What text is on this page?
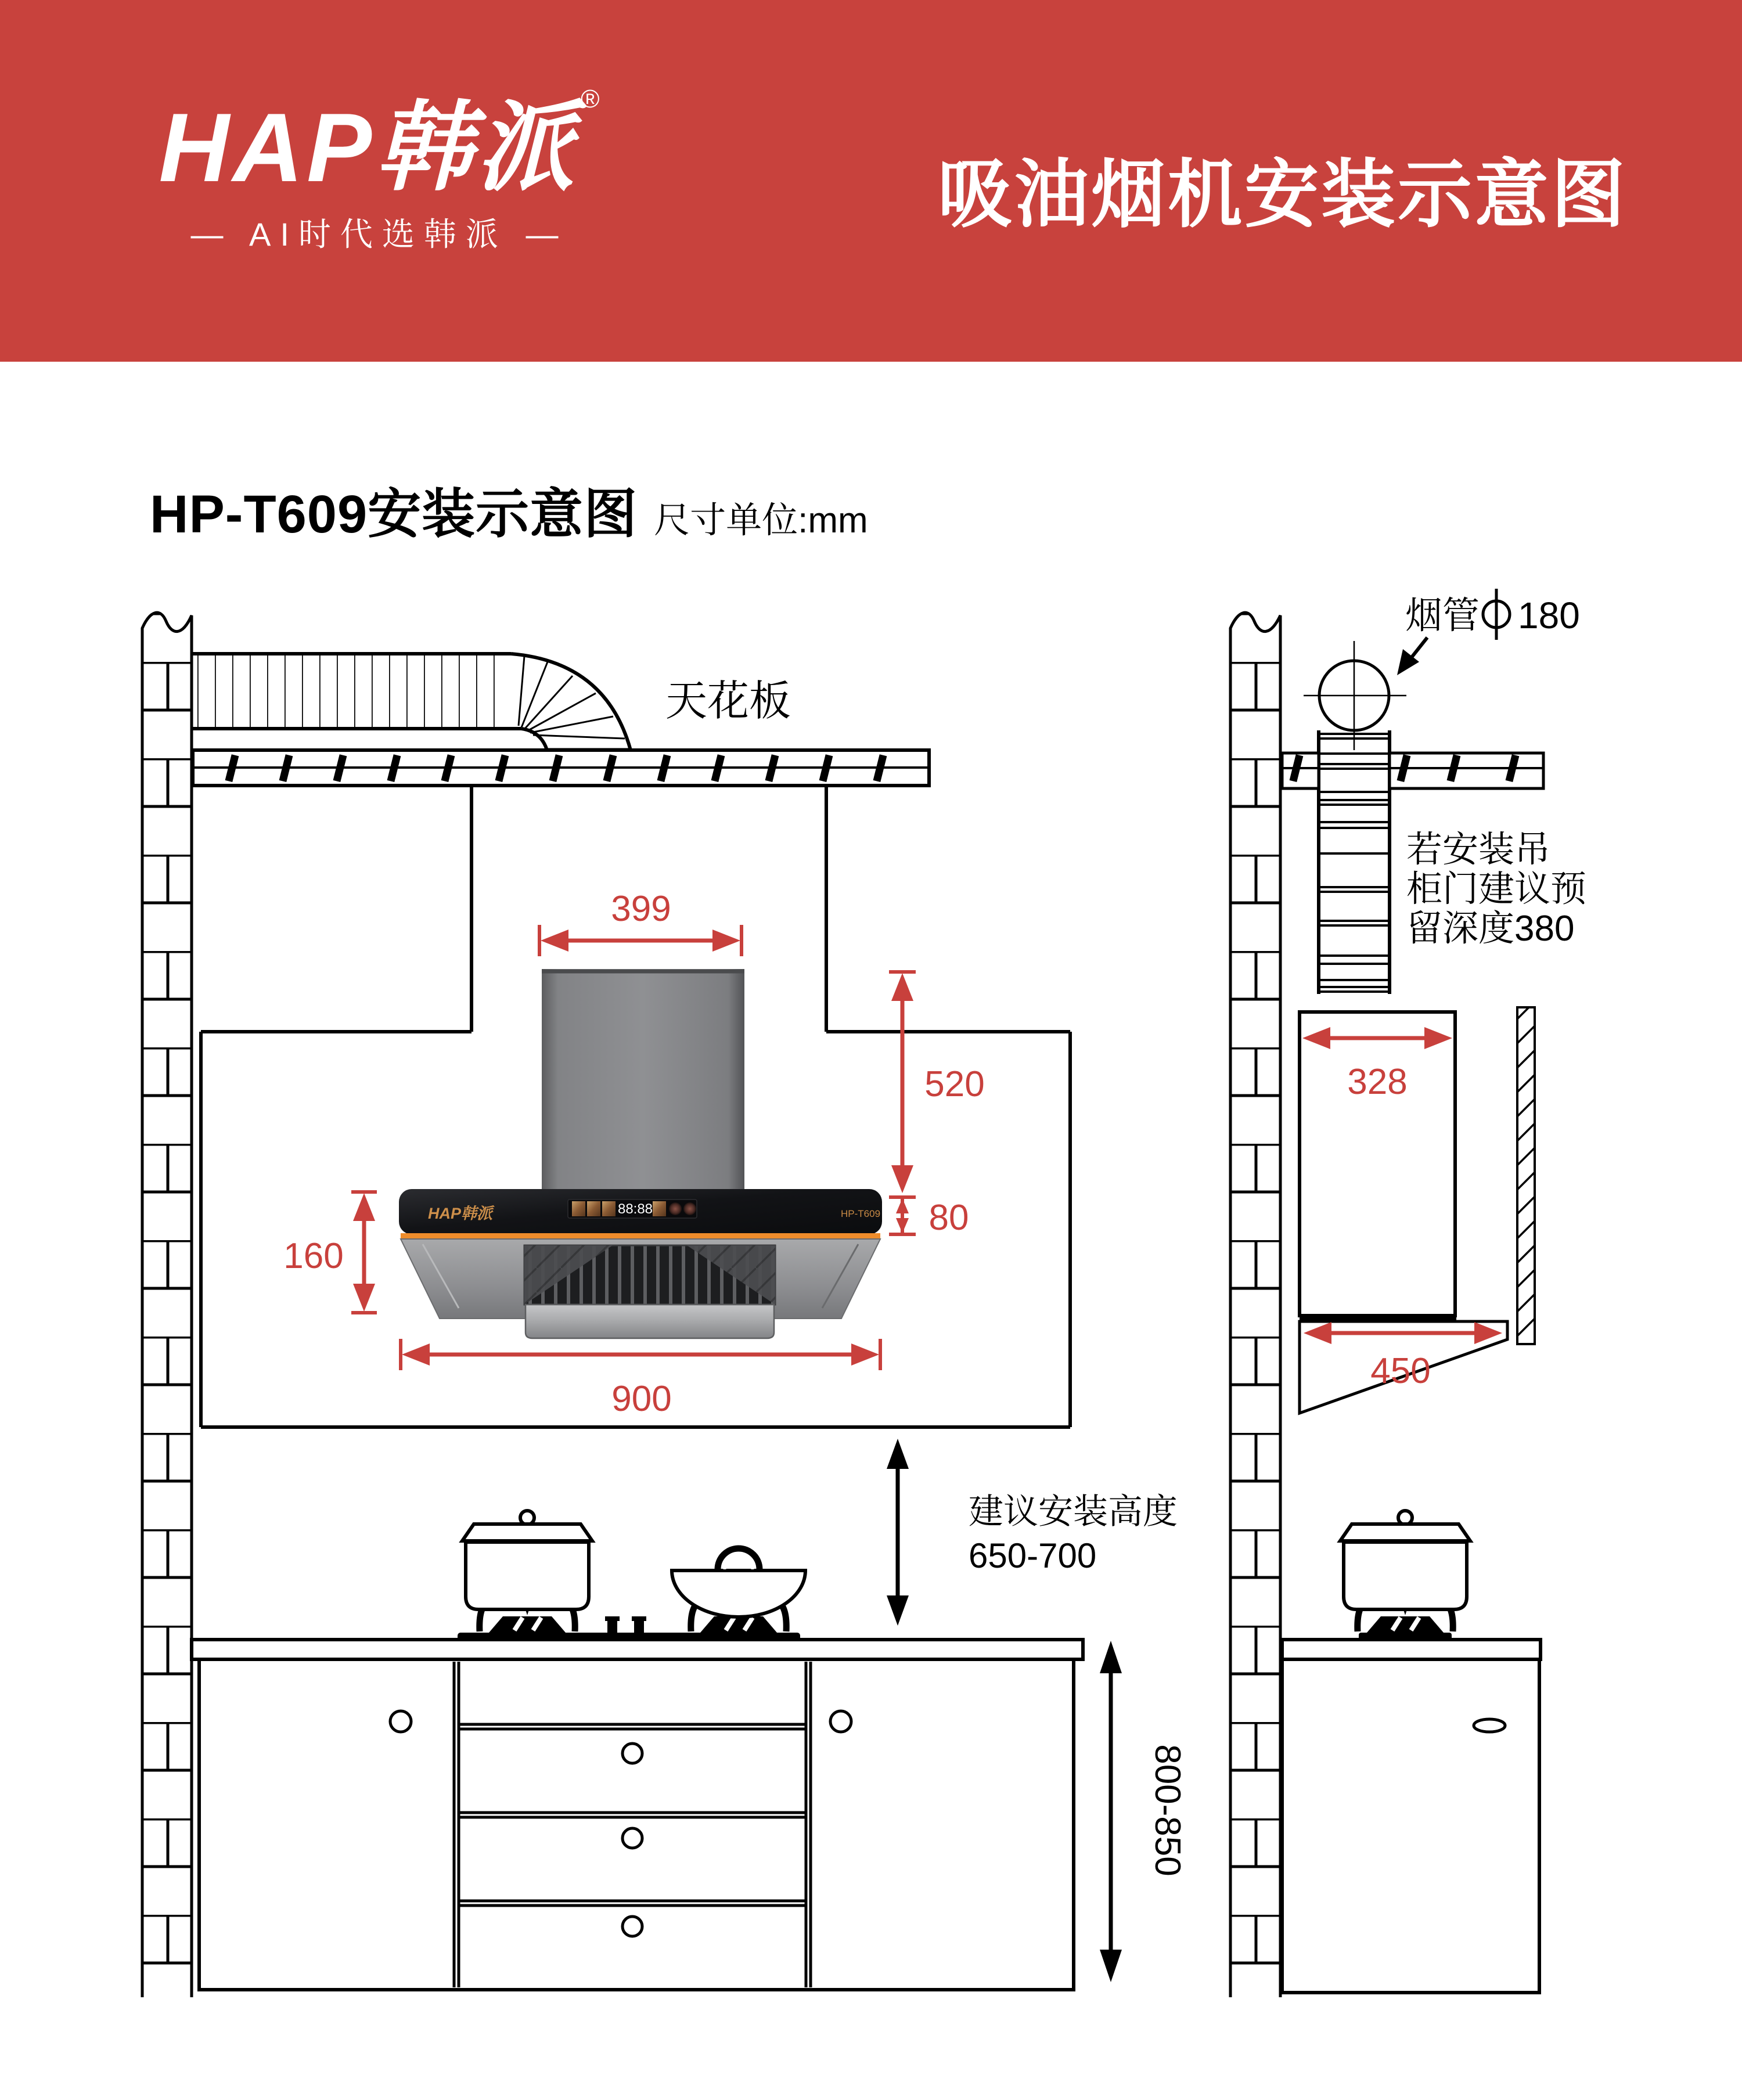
HAP韩派 ®
— AI时代选韩派 —	吸油烟机安装示意图
HP-T609安装示意图 尺寸单位:mm
天花板
HAP韩派	88:88	HP-T609
399
520
80
160
900
建议安装高度
650-700
800-850
烟管 180
若安装吊
柜门建议预
留深度380
328
450
